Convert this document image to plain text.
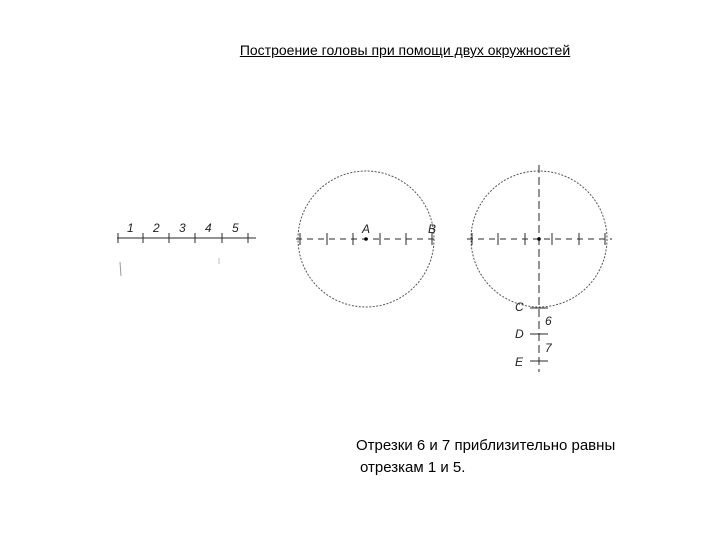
Построение головы при помощи двух окружностей
1 2 3 4 5	A	B
C
D
E
6
7
Отрезки 6 и 7 приблизительно равны
отрезкам 1 и 5.
